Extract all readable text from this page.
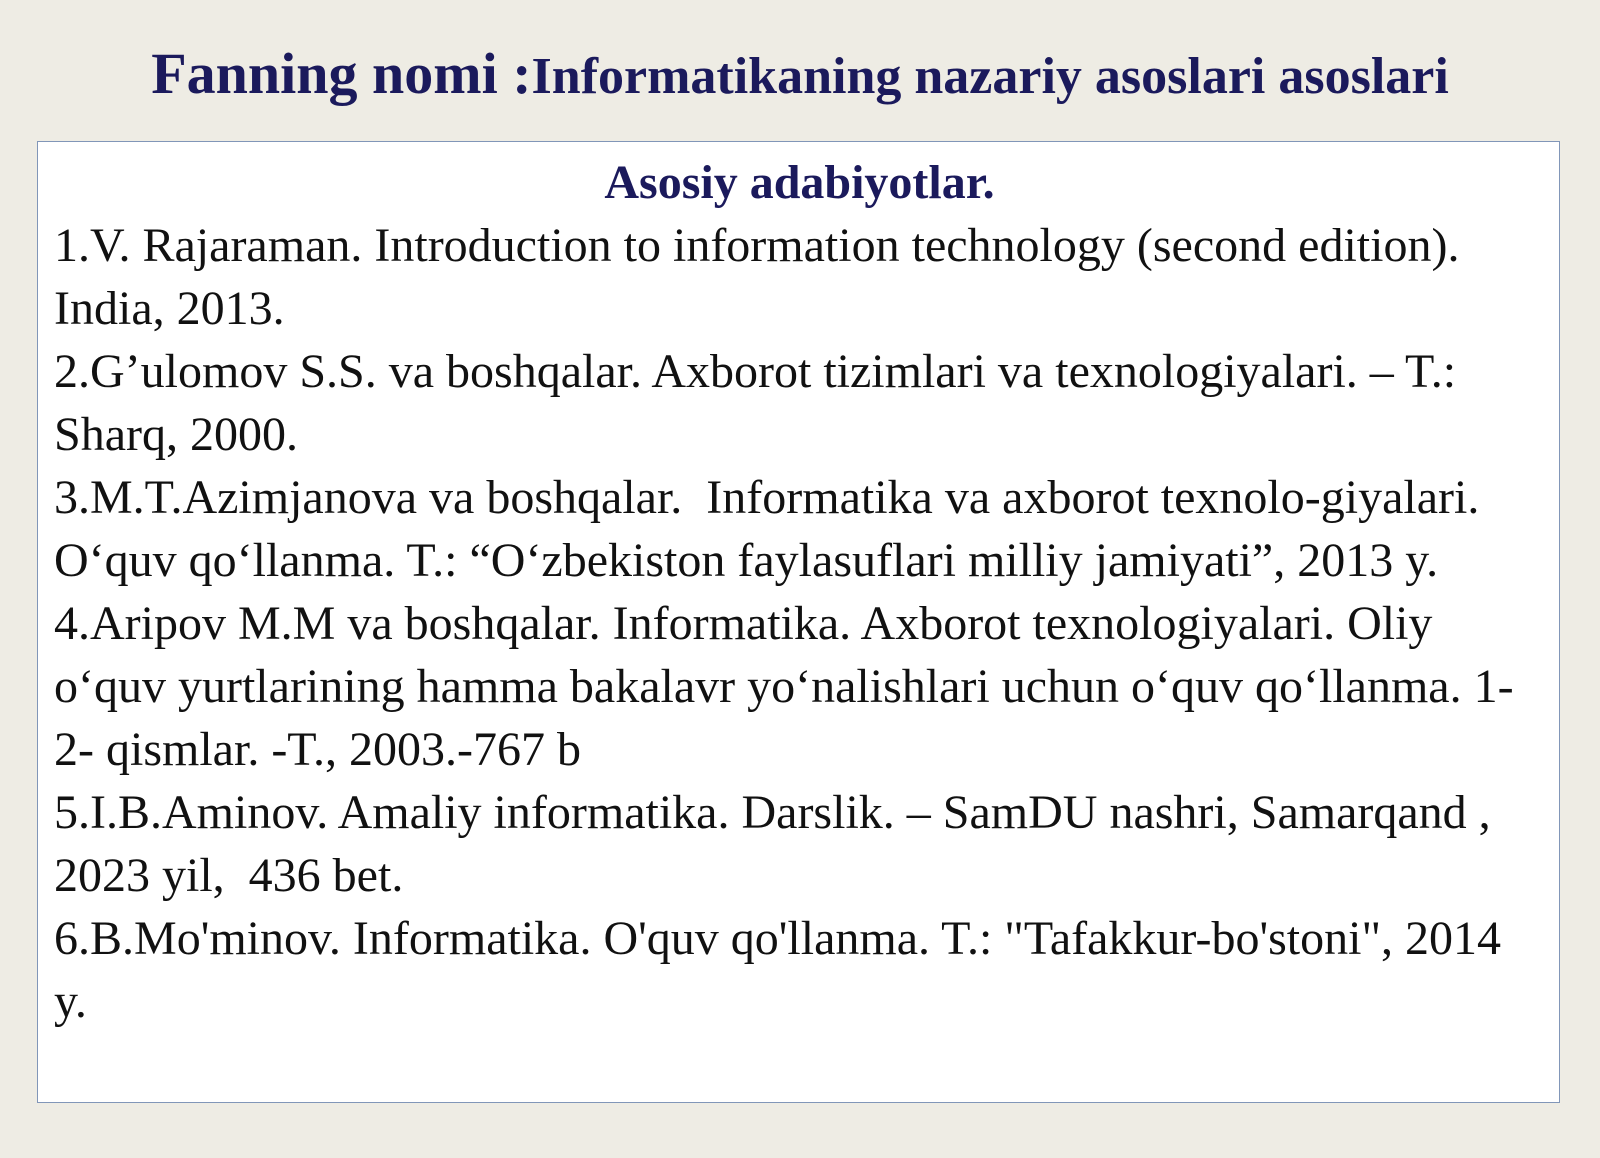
Fanning nomi :Informatikaning nazariy asoslari asoslari
Asosiy adabiyotlar.
1.V. Rajaraman. Introduction to information technology (second edition). India, 2013.
2.G’ulomov S.S. va boshqalar. Axborot tizimlari va texnologiyalari. – T.: Sharq, 2000.
3.M.T.Azimjanova va boshqalar.  Informatika va axborot texnolo-giyalari. O‘quv qo‘llanma. T.: “O‘zbekiston faylasuflari milliy jamiyati”, 2013 y.
4.Aripov M.M va boshqalar. Informatika. Axborot texnologiyalari. Oliy o‘quv yurtlarining hamma bakalavr yo‘nalishlari uchun o‘quv qo‘llanma. 1- 2- qismlar. -T., 2003.-767 b
5.I.B.Aminov. Amaliy informatika. Darslik. – SamDU nashri, Samarqand , 2023 yil,  436 bet.
6.B.Mo'minov. Informatika. O'quv qo'llanma. T.: "Tafakkur-bo'stoni", 2014 y.
